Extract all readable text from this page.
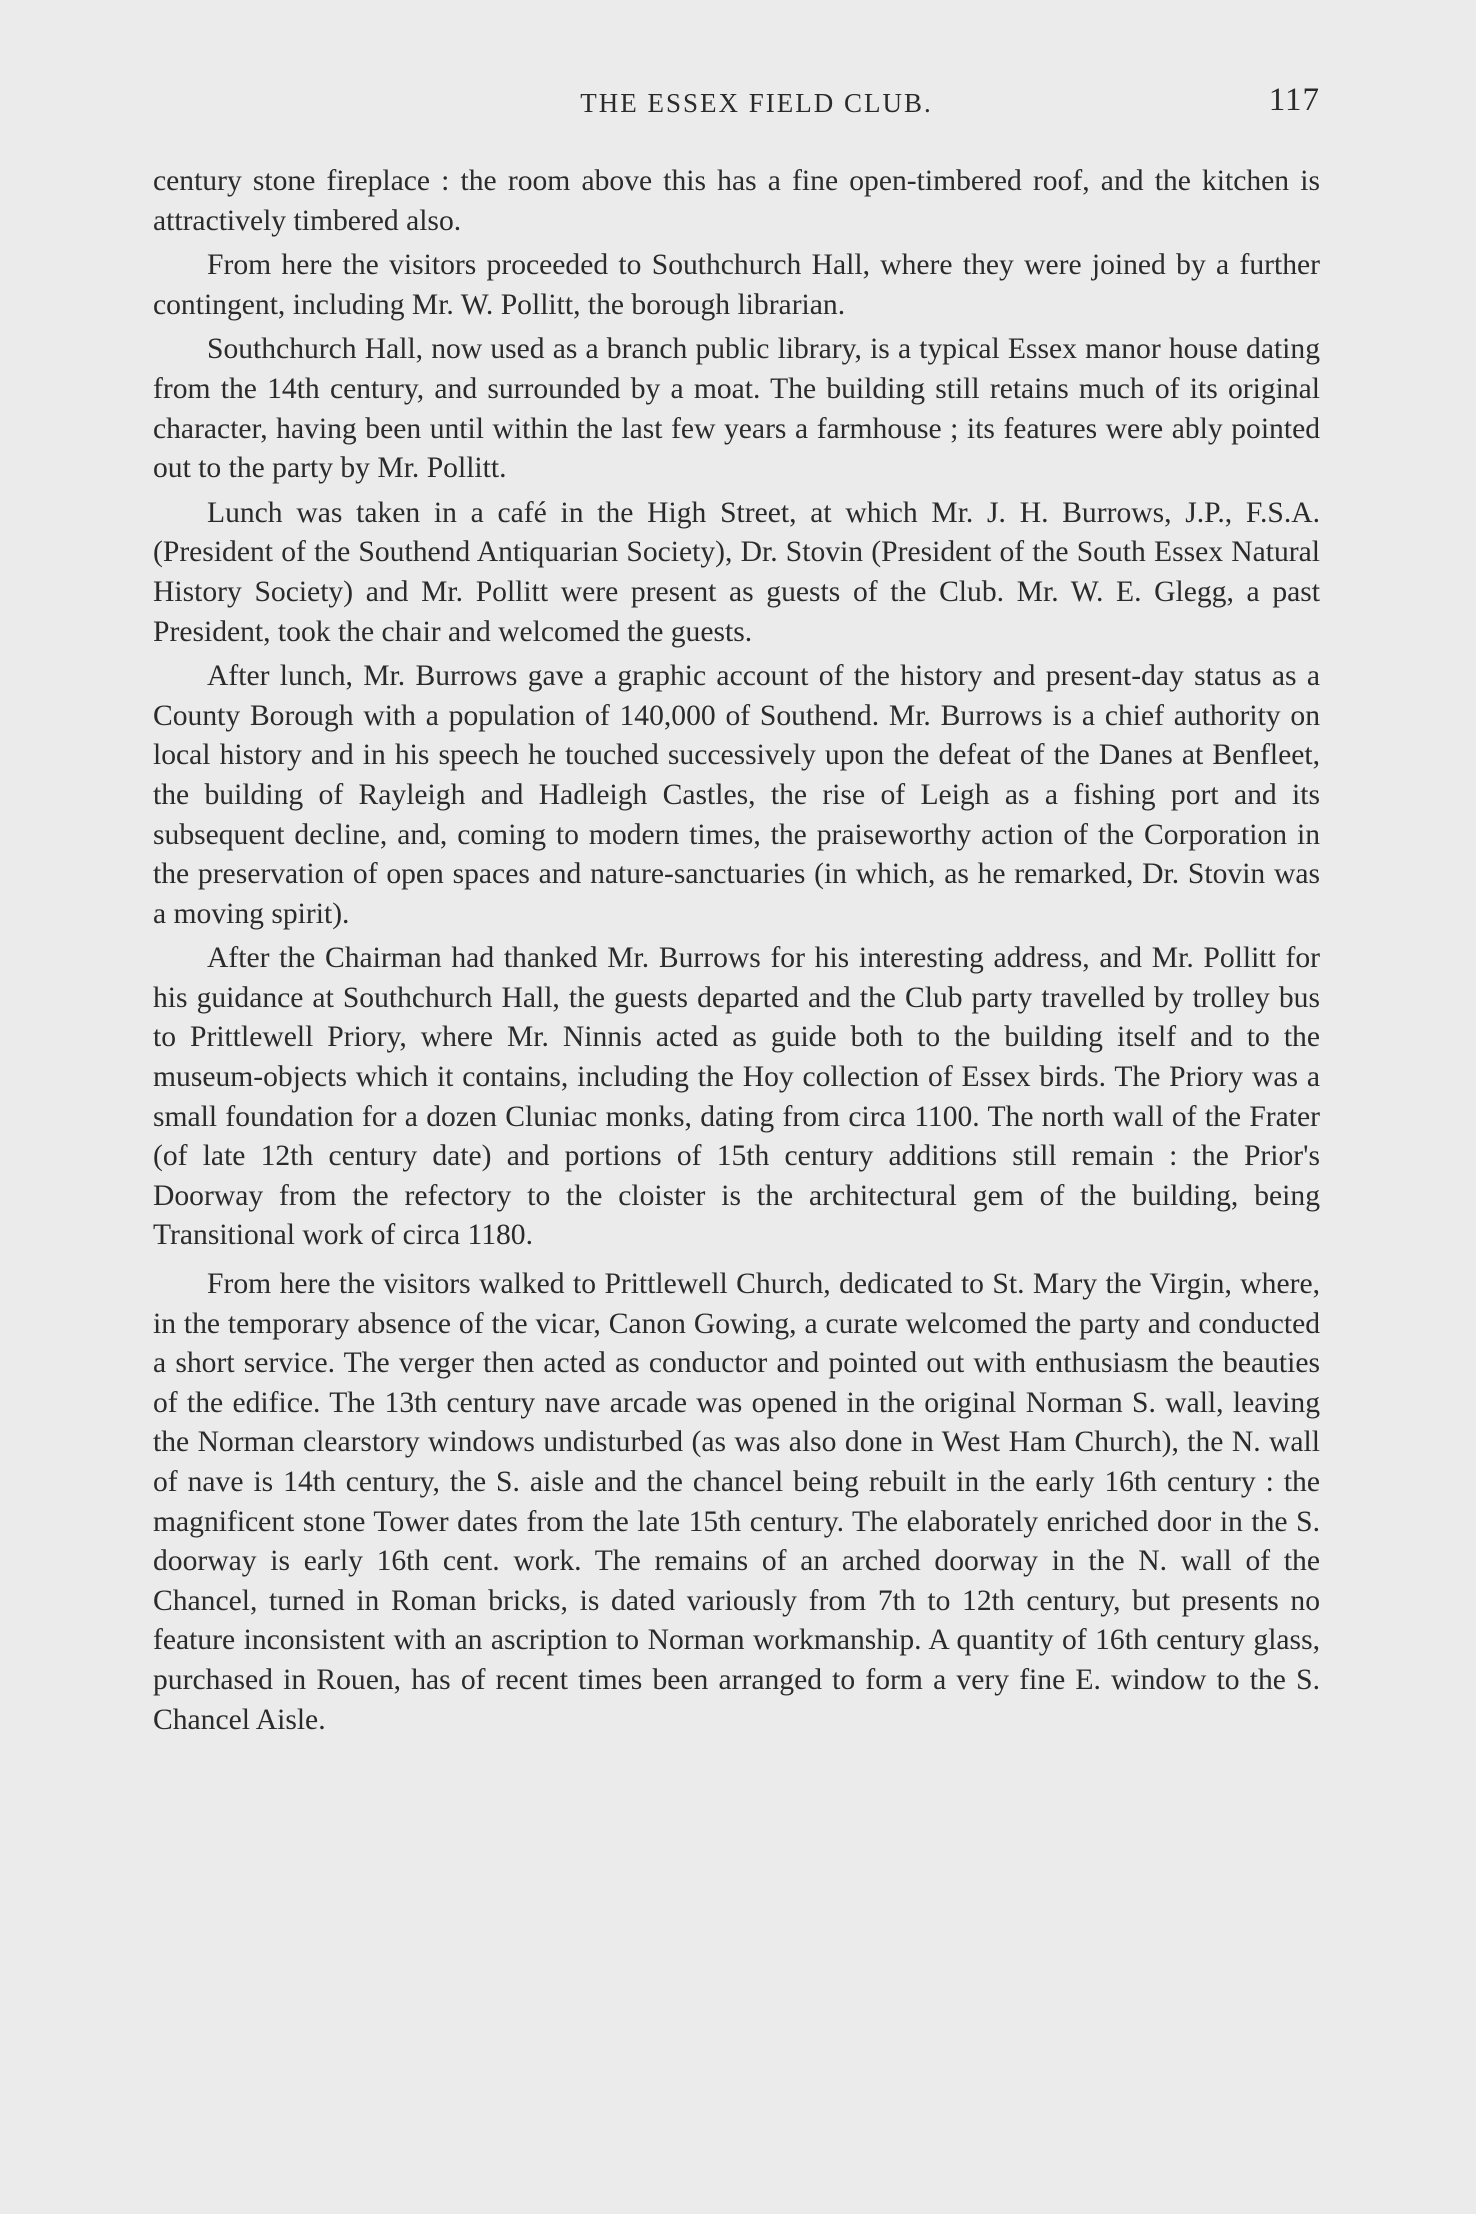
THE ESSEX FIELD CLUB.	117

century stone fireplace : the room above this has a fine open-timbered roof, and the kitchen is attractively timbered also.

From here the visitors proceeded to Southchurch Hall, where they were joined by a further contingent, including Mr. W. Pollitt, the borough librarian.

Southchurch Hall, now used as a branch public library, is a typical Essex manor house dating from the 14th century, and surrounded by a moat. The building still retains much of its original character, having been until within the last few years a farmhouse ; its features were ably pointed out to the party by Mr. Pollitt.

Lunch was taken in a café in the High Street, at which Mr. J. H. Burrows, J.P., F.S.A. (President of the Southend Antiquarian Society), Dr. Stovin (President of the South Essex Natural History Society) and Mr. Pollitt were present as guests of the Club. Mr. W. E. Glegg, a past President, took the chair and welcomed the guests.

After lunch, Mr. Burrows gave a graphic account of the history and present-day status as a County Borough with a population of 140,000 of Southend. Mr. Burrows is a chief authority on local history and in his speech he touched successively upon the defeat of the Danes at Benfleet, the building of Rayleigh and Hadleigh Castles, the rise of Leigh as a fishing port and its subsequent decline, and, coming to modern times, the praiseworthy action of the Corporation in the preservation of open spaces and nature-sanctuaries (in which, as he remarked, Dr. Stovin was a moving spirit).

After the Chairman had thanked Mr. Burrows for his interesting address, and Mr. Pollitt for his guidance at Southchurch Hall, the guests departed and the Club party travelled by trolley bus to Prittlewell Priory, where Mr. Ninnis acted as guide both to the building itself and to the museum-objects which it contains, including the Hoy collection of Essex birds. The Priory was a small foundation for a dozen Cluniac monks, dating from circa 1100. The north wall of the Frater (of late 12th century date) and portions of 15th century additions still remain : the Prior's Doorway from the refectory to the cloister is the architectural gem of the building, being Transitional work of circa 1180.

From here the visitors walked to Prittlewell Church, dedicated to St. Mary the Virgin, where, in the temporary absence of the vicar, Canon Gowing, a curate welcomed the party and conducted a short service. The verger then acted as conductor and pointed out with enthusiasm the beauties of the edifice. The 13th century nave arcade was opened in the original Norman S. wall, leaving the Norman clearstory windows undisturbed (as was also done in West Ham Church), the N. wall of nave is 14th century, the S. aisle and the chancel being rebuilt in the early 16th century : the magnificent stone Tower dates from the late 15th century. The elaborately enriched door in the S. doorway is early 16th cent. work. The remains of an arched doorway in the N. wall of the Chancel, turned in Roman bricks, is dated variously from 7th to 12th century, but presents no feature inconsistent with an ascription to Norman workmanship. A quantity of 16th century glass, purchased in Rouen, has of recent times been arranged to form a very fine E. window to the S. Chancel Aisle.
